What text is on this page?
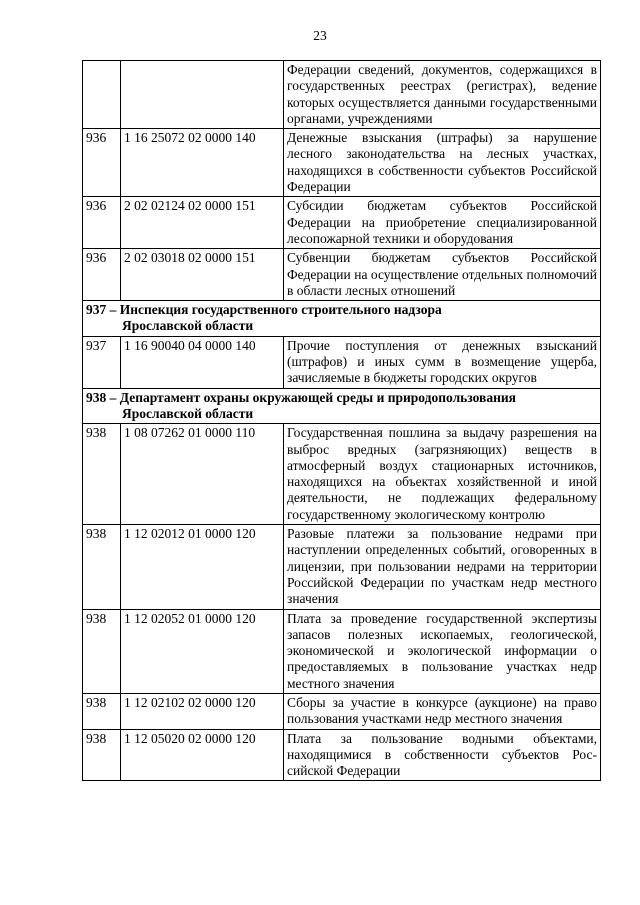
23
		Федерации сведений, документов, содержащихся в государственных реестрах (регистрах), ведение которых осуществляется данными государственными органами, учреждениями
936	1 16 25072 02 0000 140	Денежные взыскания (штрафы) за нарушение лесного законодательства на лесных участках, находящихся в собственности субъектов Российской Федерации
936	2 02 02124 02 0000 151	Субсидии бюджетам субъектов Российской Федерации на приобретение специализированной лесопожарной техники и оборудования
936	2 02 03018 02 0000 151	Субвенции бюджетам субъектов Российской Федерации на осуществление отдельных полномочий в области лесных отношений

937 – Инспекция государственного строительного надзора
Ярославской области		

937	1 16 90040 04 0000 140	Прочие поступления от денежных взысканий (штрафов) и иных сумм в возмещение ущерба, зачисляемые в бюджеты городских округов

938 – Департамент охраны окружающей среды и природопользования
Ярославской области		

938	1 08 07262 01 0000 110	Государственная пошлина за выдачу разрешения на выброс вредных (загрязняющих) веществ в атмосферный воздух стационарных источников, находящихся на объектах хозяйственной и иной деятельности, не подлежащих федеральному государственному экологическому контролю
938	1 12 02012 01 0000 120	Разовые платежи за пользование недрами при наступлении определенных событий, оговоренных в лицензии, при пользовании недрами на территории Российской Федерации по участкам недр местного значения
938	1 12 02052 01 0000 120	Плата за проведение государственной экспертизы запасов полезных ископаемых, геологической, экономической и экологической информации о предоставляемых в пользование участках недр местного значения
938	1 12 02102 02 0000 120	Сборы за участие в конкурсе (аукционе) на право пользования участками недр местного значения
938	1 12 05020 02 0000 120	Плата за пользование водными объектами, находящимися в собственности субъектов Российской Федерации
